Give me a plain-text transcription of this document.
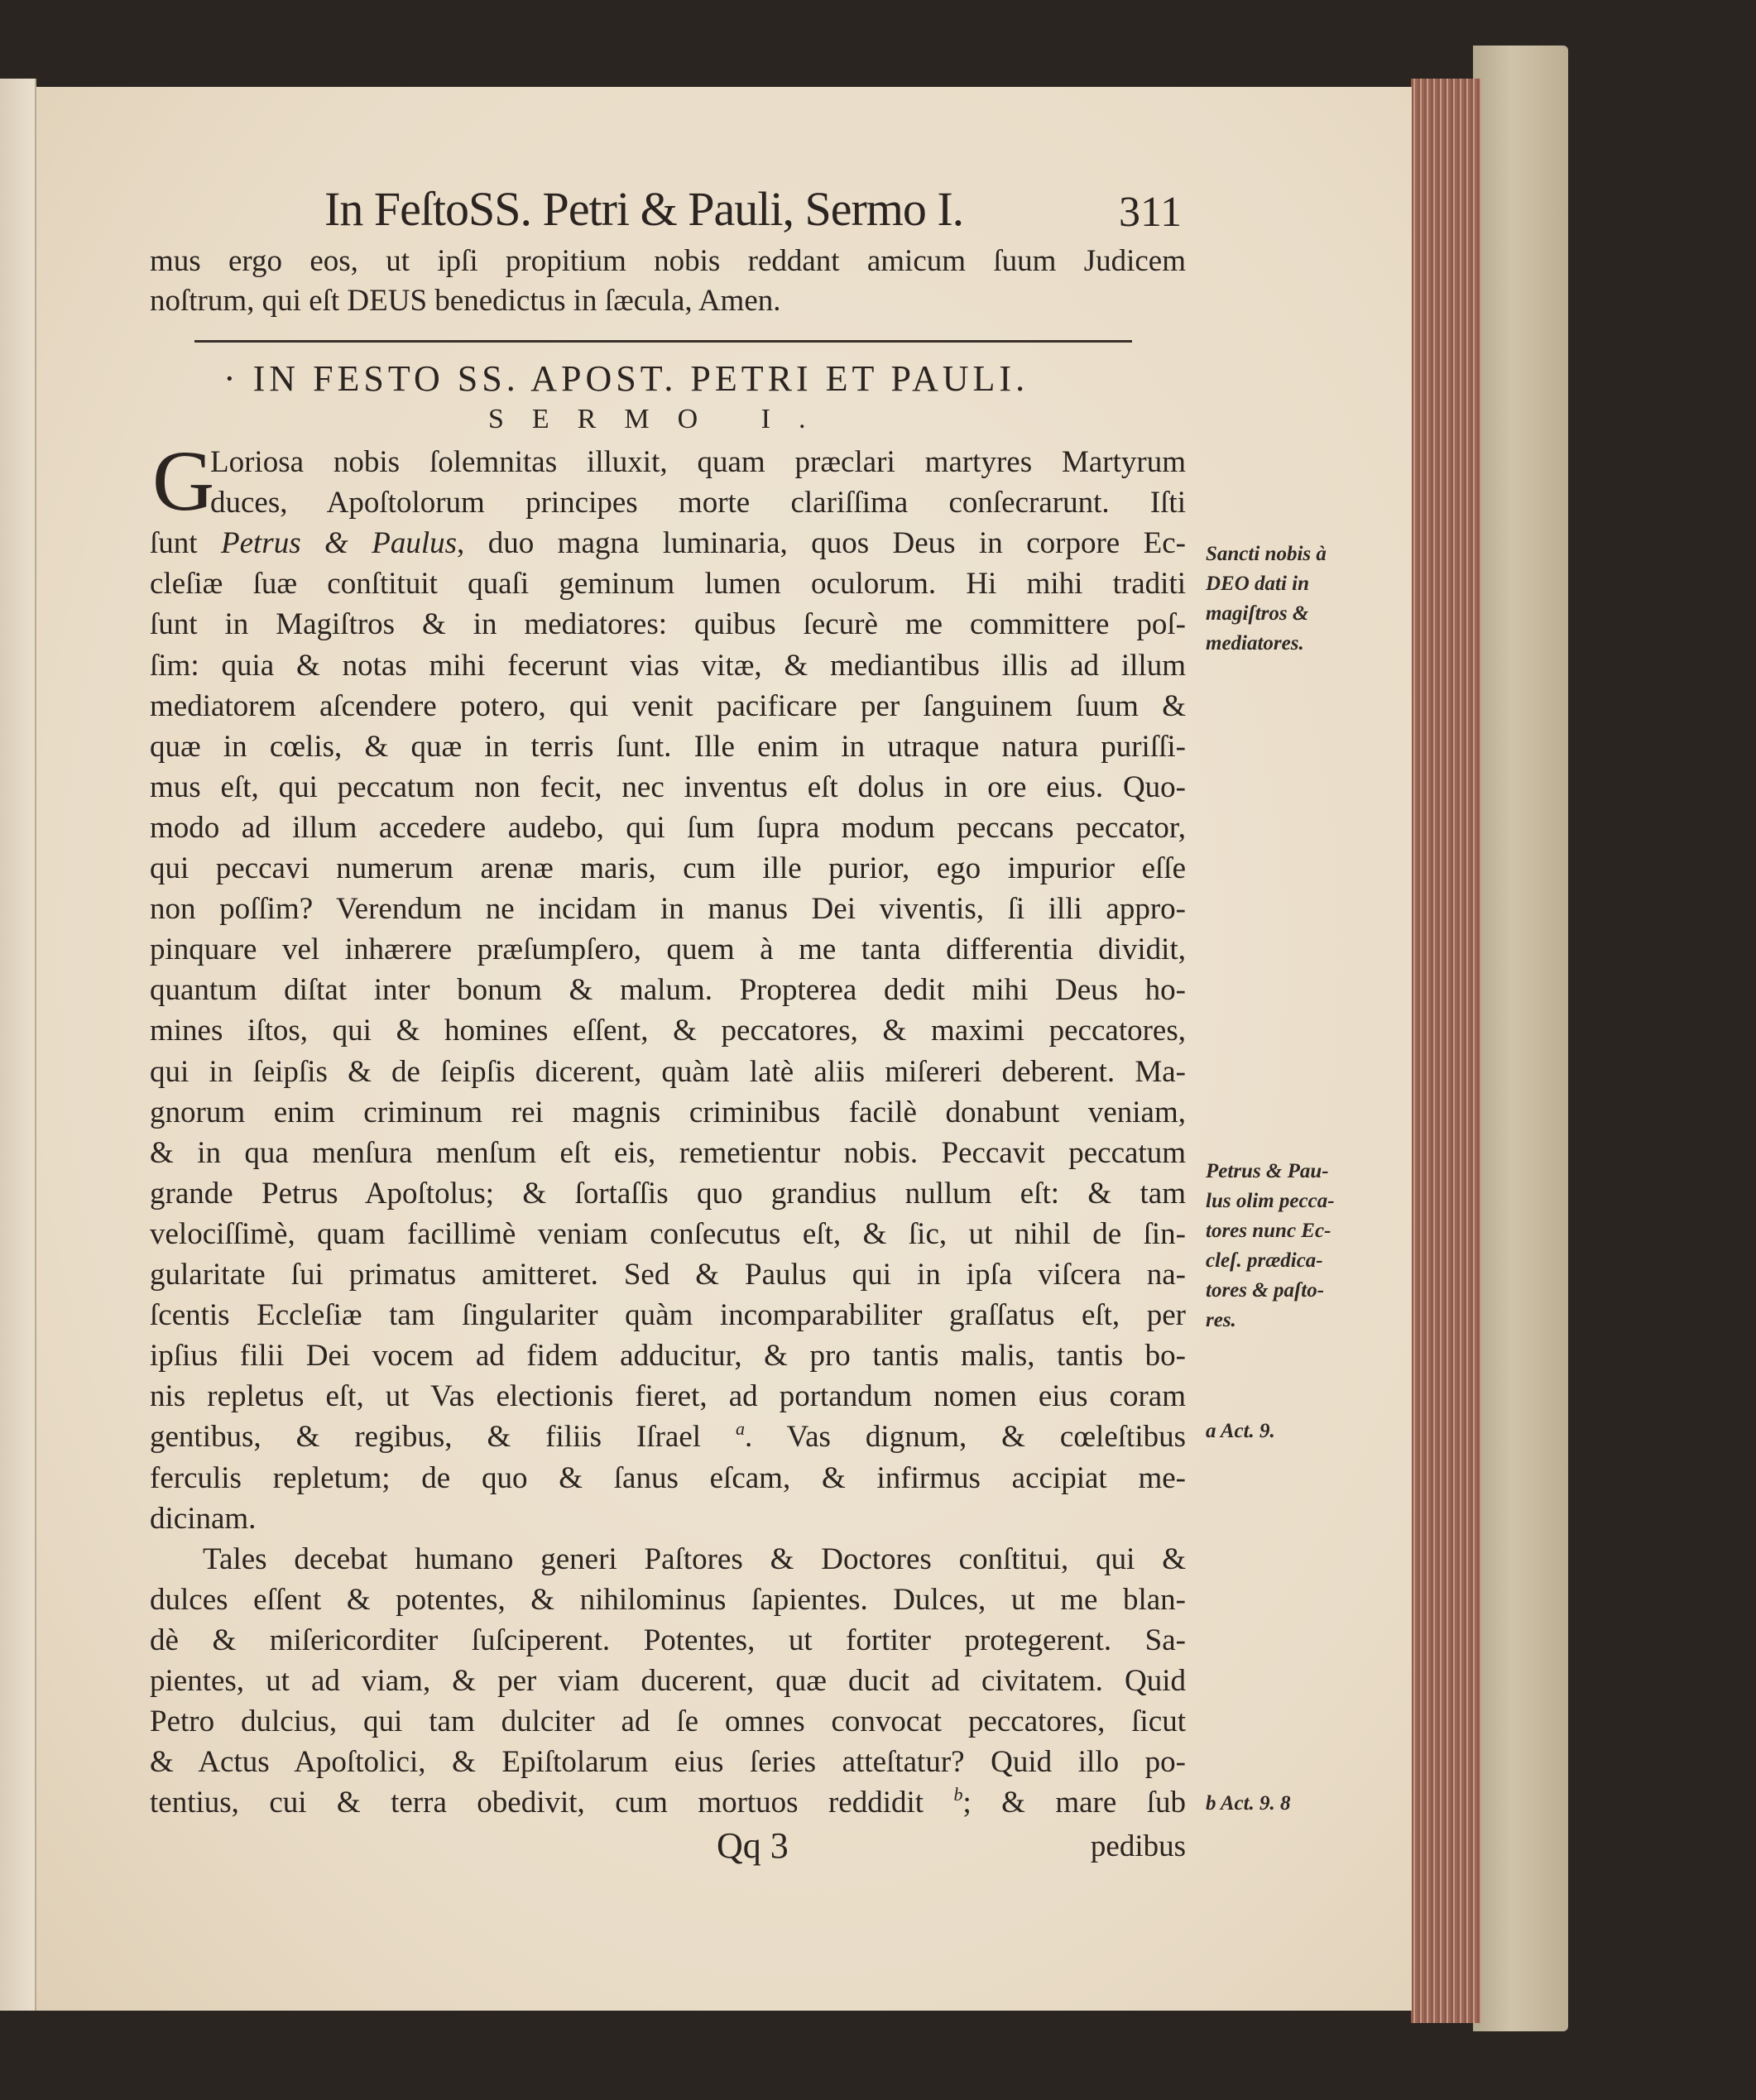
In FeſtoSS. Petri & Pauli, Sermo I.	311
mus ergo eos, ut ipſi propitium nobis reddant amicum ſuum Judicem
noſtrum, qui eſt DEUS benedictus in ſæcula, Amen.
· IN FESTO SS. APOST. PETRI ET PAULI.
SERMO I.
G
Loriosa nobis ſolemnitas illuxit, quam præclari martyres Martyrum
duces, Apoſtolorum principes morte clariſſima conſecrarunt. Iſti
ſunt Petrus & Paulus, duo magna luminaria, quos Deus in corpore Ec-
cleſiæ ſuæ conſtituit quaſi geminum lumen oculorum. Hi mihi traditi
ſunt in Magiſtros & in mediatores: quibus ſecurè me committere poſ-
ſim: quia & notas mihi fecerunt vias vitæ, & mediantibus illis ad illum
mediatorem aſcendere potero, qui venit pacificare per ſanguinem ſuum &
quæ in cœlis, & quæ in terris ſunt. Ille enim in utraque natura puriſſi-
mus eſt, qui peccatum non fecit, nec inventus eſt dolus in ore eius. Quo-
modo ad illum accedere audebo, qui ſum ſupra modum peccans peccator,
qui peccavi numerum arenæ maris, cum ille purior, ego impurior eſſe
non poſſim? Verendum ne incidam in manus Dei viventis, ſi illi appro-
pinquare vel inhærere præſumpſero, quem à me tanta differentia dividit,
quantum diſtat inter bonum & malum. Propterea dedit mihi Deus ho-
mines iſtos, qui & homines eſſent, & peccatores, & maximi peccatores,
qui in ſeipſis & de ſeipſis dicerent, quàm latè aliis miſereri deberent. Ma-
gnorum enim criminum rei magnis criminibus facilè donabunt veniam,
& in qua menſura menſum eſt eis, remetientur nobis. Peccavit peccatum
grande Petrus Apoſtolus; & ſortaſſis quo grandius nullum eſt: & tam
velociſſimè, quam facillimè veniam conſecutus eſt, & ſic, ut nihil de ſin-
gularitate ſui primatus amitteret. Sed & Paulus qui in ipſa viſcera na-
ſcentis Eccleſiæ tam ſingulariter quàm incomparabiliter graſſatus eſt, per
ipſius filii Dei vocem ad fidem adducitur, & pro tantis malis, tantis bo-
nis repletus eſt, ut Vas electionis fieret, ad portandum nomen eius coram
gentibus, & regibus, & filiis Iſrael $^a$. Vas dignum, & cœleſtibus
ferculis repletum; de quo & ſanus eſcam, & infirmus accipiat me-
dicinam.
Tales decebat humano generi Paſtores & Doctores conſtitui, qui &
dulces eſſent & potentes, & nihilominus ſapientes. Dulces, ut me blan-
dè & miſericorditer ſuſciperent. Potentes, ut fortiter protegerent. Sa-
pientes, ut ad viam, & per viam ducerent, quæ ducit ad civitatem. Quid
Petro dulcius, qui tam dulciter ad ſe omnes convocat peccatores, ſicut
& Actus Apoſtolici, & Epiſtolarum eius ſeries atteſtatur? Quid illo po-
tentius, cui & terra obedivit, cum mortuos reddidit $^b$; & mare ſub
Sancti nobis à
DEO dati in
magiſtros &
mediatores.
Petrus & Pau-
lus olim pecca-
tores nunc Ec-
cleſ. prædica-
tores & paſto-
res.
a Act. 9.
b Act. 9. 8
Qq 3	pedibus
